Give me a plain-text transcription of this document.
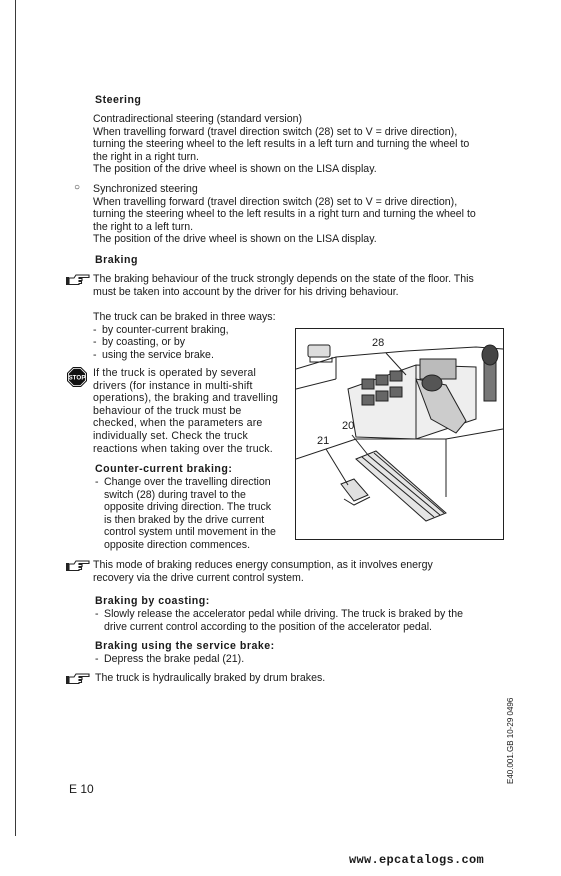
Steering

Contradirectional steering (standard version)

When travelling forward (travel direction switch (28) set to V = drive direction),

turning the steering wheel to the left results in a left turn and turning the wheel to

the right in a right turn.

The position of the drive wheel is shown on the LISA display.

○ Synchronized steering

When travelling forward (travel direction switch (28) set to V = drive direction),

turning the steering wheel to the left results in a right turn and turning the wheel to

the right to a left turn.

The position of the drive wheel is shown on the LISA display.

Braking

The braking behaviour of the truck strongly depends on the state of the floor. This

must be taken into account by the driver for his driving behaviour.

The truck can be braked in three ways:

- by counter-current braking,

- by coasting, or by

- using the service brake.

STOP If the truck is operated by several

drivers (for instance in multi-shift

operations), the braking and travelling

behaviour of the truck must be

checked, when the parameters are

individually set. Check the truck

reactions when taking over the truck.

Counter-current braking:

- Change over the travelling direction

switch (28) during travel to the

opposite driving direction. The truck

is then braked by the drive current

control system until movement in the

opposite direction commences.

28
20
21

This mode of braking reduces energy consumption, as it involves energy

recovery via the drive current control system.

Braking by coasting:

- Slowly release the accelerator pedal while driving. The truck is braked by the

drive current control according to the position of the accelerator pedal.

Braking using the service brake:

- Depress the brake pedal (21).

The truck is hydraulically braked by drum brakes.
E40.001.GB 10-29 0496
E 10
www.epcatalogs.com
